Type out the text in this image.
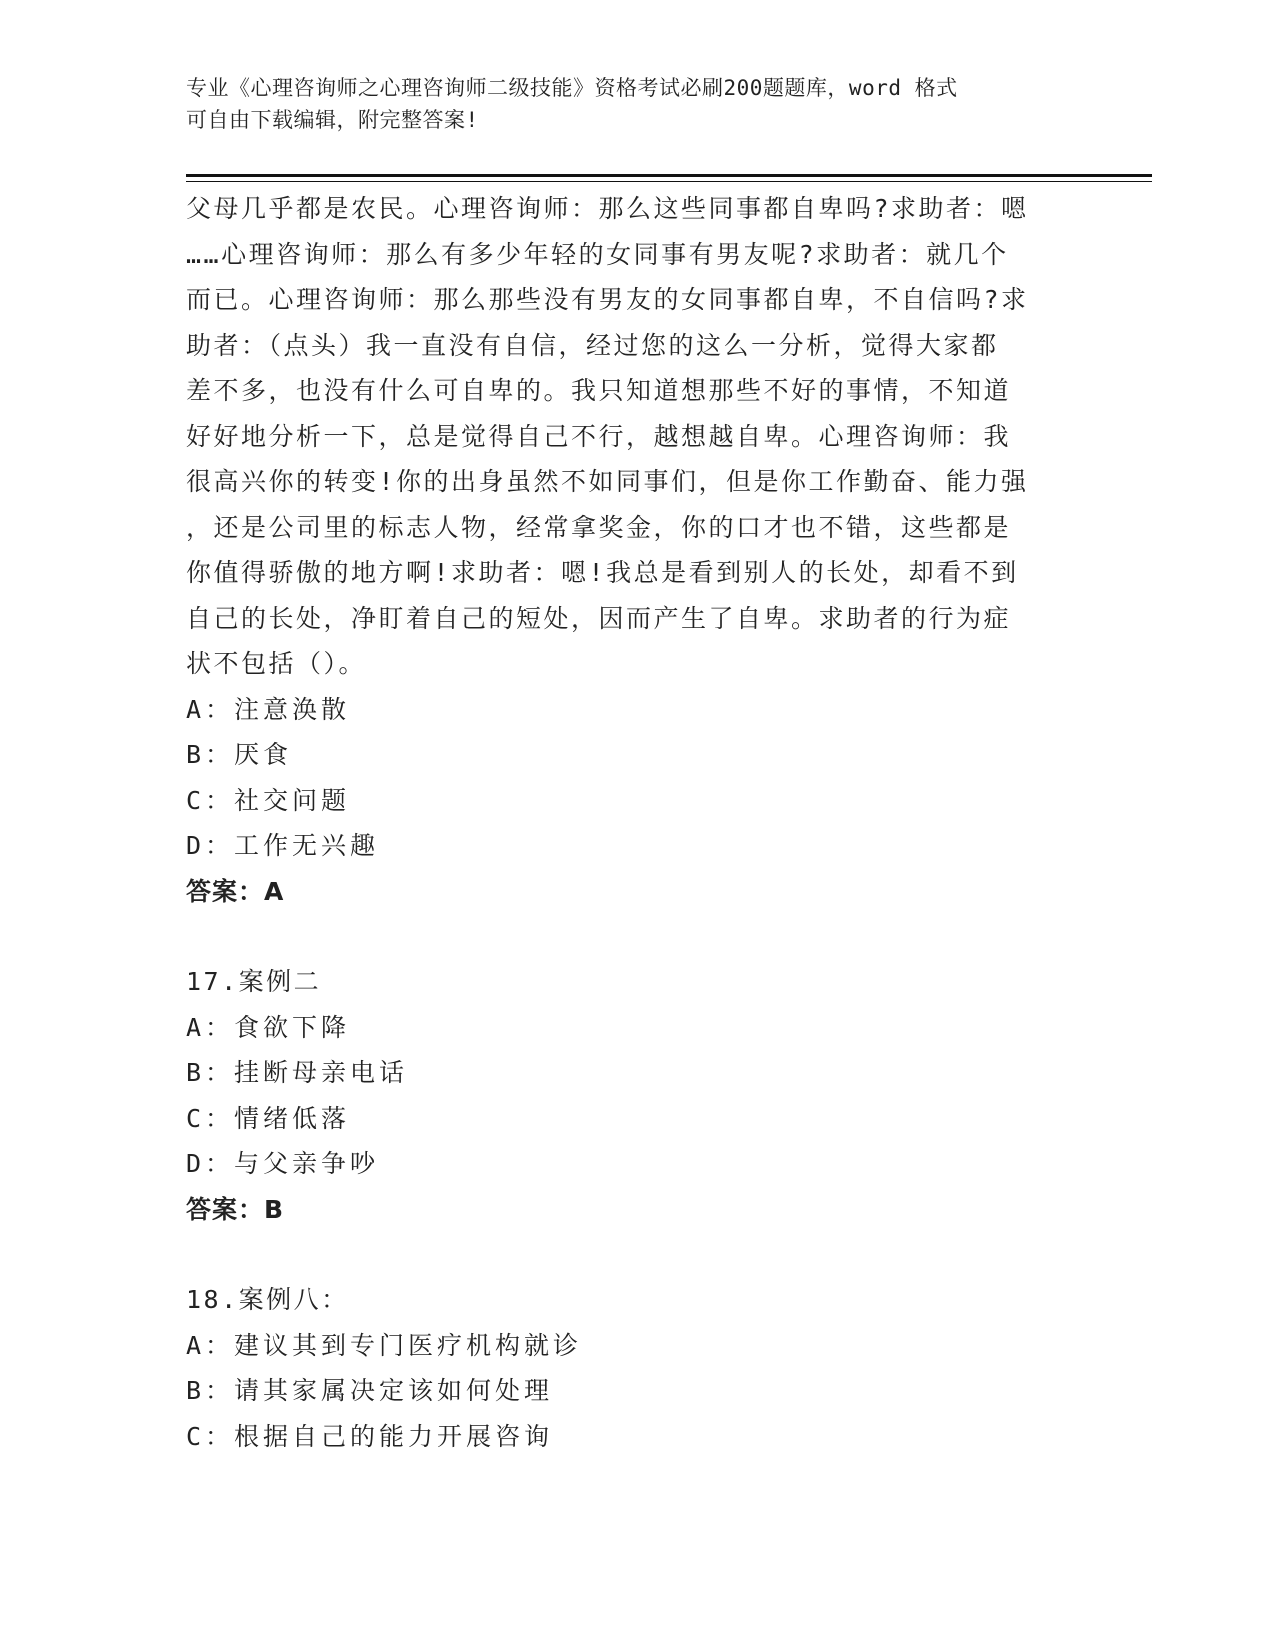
专业《心理咨询师之心理咨询师二级技能》资格考试必刷200题题库，word 格式
可自由下载编辑，附完整答案!
父母几乎都是农民。心理咨询师：那么这些同事都自卑吗?求助者：嗯
……心理咨询师：那么有多少年轻的女同事有男友呢?求助者：就几个
而已。心理咨询师：那么那些没有男友的女同事都自卑，不自信吗?求
助者：（点头）我一直没有自信，经过您的这么一分析，觉得大家都
差不多，也没有什么可自卑的。我只知道想那些不好的事情，不知道
好好地分析一下，总是觉得自己不行，越想越自卑。心理咨询师：我
很高兴你的转变!你的出身虽然不如同事们，但是你工作勤奋、能力强
，还是公司里的标志人物，经常拿奖金，你的口才也不错，这些都是
你值得骄傲的地方啊!求助者：嗯!我总是看到别人的长处，却看不到
自己的长处，净盯着自己的短处，因而产生了自卑。求助者的行为症
状不包括（）。
A：注意涣散
B：厌食
C：社交问题
D：工作无兴趣
答案：A
17.案例二
A：食欲下降
B：挂断母亲电话
C：情绪低落
D：与父亲争吵
答案：B
18.案例八：
A：建议其到专门医疗机构就诊
B：请其家属决定该如何处理
C：根据自己的能力开展咨询
